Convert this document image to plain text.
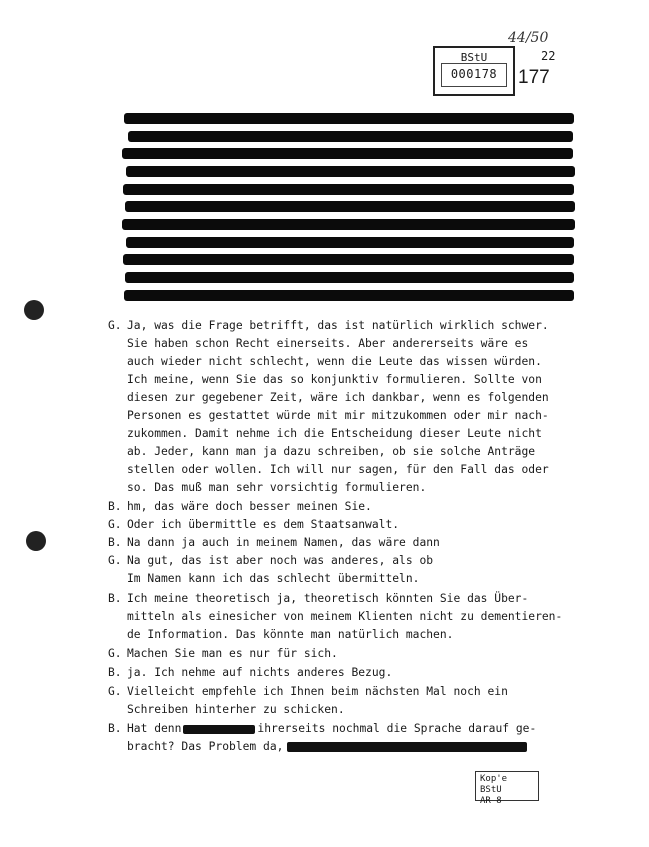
BStU
000178
44/50
22
177
G. Ja, was die Frage betrifft, das ist natürlich wirklich schwer.
Sie haben schon Recht einerseits. Aber andererseits wäre es
auch wieder nicht schlecht, wenn die Leute das wissen würden.
Ich meine, wenn Sie das so konjunktiv formulieren. Sollte von
diesen zur gegebener Zeit, wäre ich dankbar, wenn es folgenden
Personen es gestattet würde mit mir mitzukommen oder mir nach-
zukommen. Damit nehme ich die Entscheidung dieser Leute nicht
ab. Jeder, kann man ja dazu schreiben, ob sie solche Anträge
stellen oder wollen. Ich will nur sagen, für den Fall das oder
so. Das muß man sehr vorsichtig formulieren.
B. hm, das wäre doch besser meinen Sie.
G. Oder ich übermittle es dem Staatsanwalt.
B. Na dann ja auch in meinem Namen, das wäre dann
G. Na gut, das ist aber noch was anderes, als ob
Im Namen kann ich das schlecht übermitteln.
B. Ich meine theoretisch ja, theoretisch könnten Sie das Über-
mitteln als einesicher von meinem Klienten nicht zu dementieren-
de Information. Das könnte man natürlich machen.
G. Machen Sie man es nur für sich.
B. ja. Ich nehme auf nichts anderes Bezug.
G. Vielleicht empfehle ich Ihnen beim nächsten Mal noch ein
Schreiben hinterher zu schicken.
B. Hat denn	ihrerseits nochmal die Sprache darauf ge-
bracht? Das Problem da,
Kop'e BStU
AR 8
